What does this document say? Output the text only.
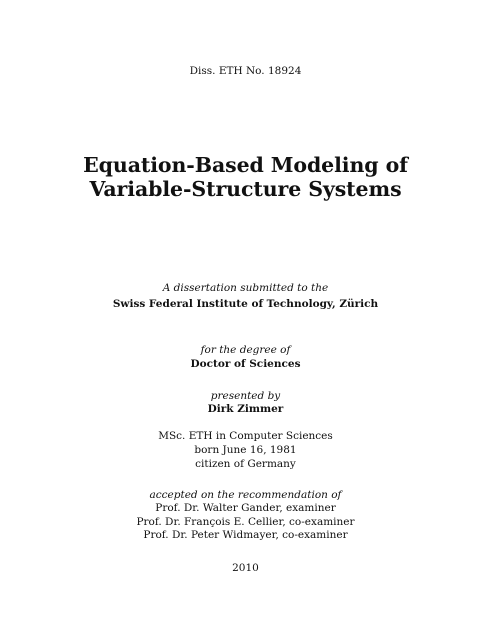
Diss. ETH No. 18924
Equation-Based Modeling of
Variable-Structure Systems
A dissertation submitted to the
Swiss Federal Institute of Technology, Zürich
for the degree of
Doctor of Sciences
presented by
Dirk Zimmer
MSc. ETH in Computer Sciences
born June 16, 1981
citizen of Germany
accepted on the recommendation of
Prof. Dr. Walter Gander, examiner
Prof. Dr. François E. Cellier, co-examiner
Prof. Dr. Peter Widmayer, co-examiner
2010
